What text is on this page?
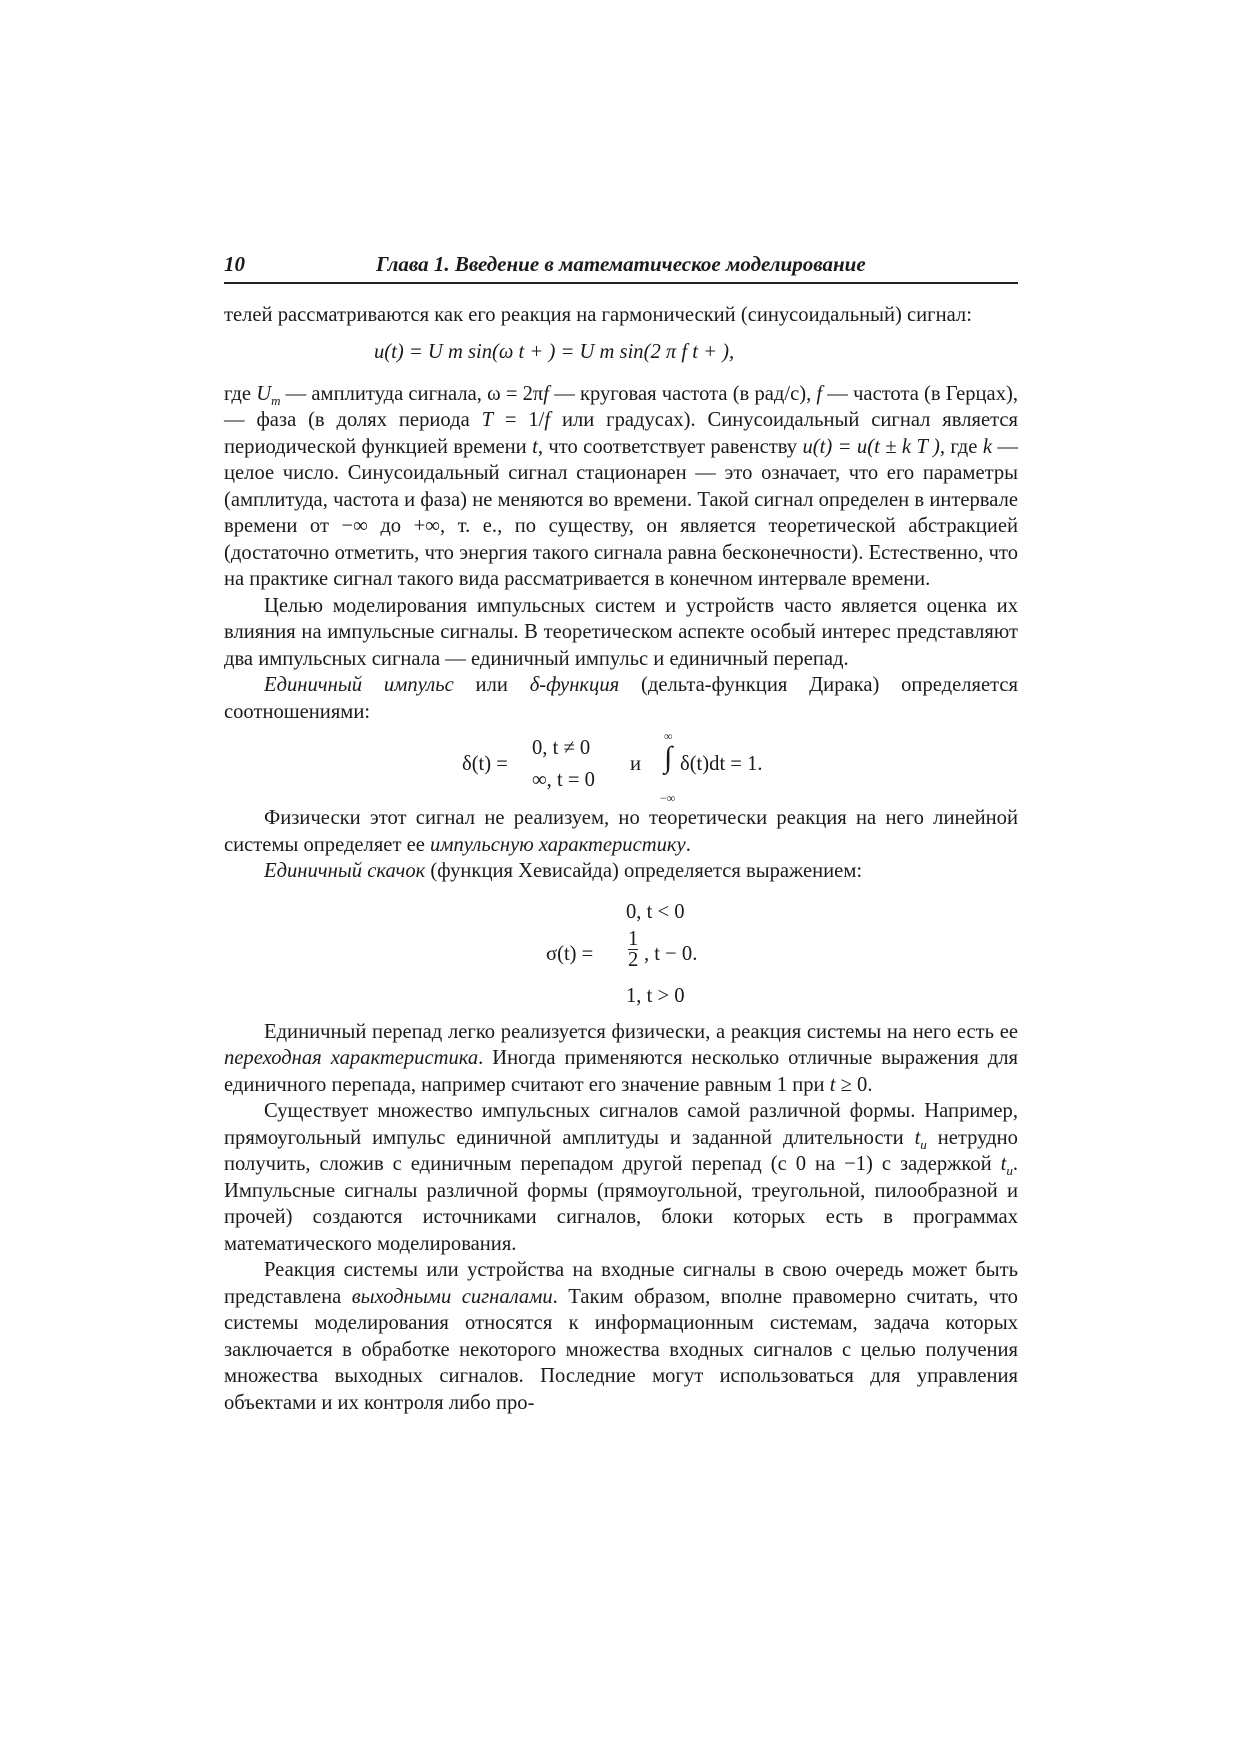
10	Глава 1. Введение в математическое моделирование

телей рассматриваются как его реакция на гармонический (синусоидальный) сигнал:

u(t) = U m sin(ω t + ) = U m sin(2 π f t + ),

где $U_m$ — амплитуда сигнала, ω = 2πf — круговая частота (в рад/с), f — частота (в Герцах), — фаза (в долях периода T = 1/f или градусах). Синусоидальный сигнал является периодической функцией времени t, что соответствует равенству u(t) = u(t ± k T ), где k — целое число. Синусоидальный сигнал стационарен — это означает, что его параметры (амплитуда, частота и фаза) не меняются во времени. Такой сигнал определен в интервале времени от −∞ до +∞, т. е., по существу, он является теоретической абстракцией (достаточно отметить, что энергия такого сигнала равна бесконечности). Естественно, что на практике сигнал такого вида рассматривается в конечном интервале времени.

Целью моделирования импульсных систем и устройств часто является оценка их влияния на импульсные сигналы. В теоретическом аспекте особый интерес представляют два импульсных сигнала — единичный импульс и единичный перепад.

Единичный импульс или δ-функция (дельта-функция Дирака) определяется соотношениями:

δ(t) =
0, t ≠ 0
∞, t = 0
и
∞
∫
−∞
δ(t)dt = 1.

Физически этот сигнал не реализуем, но теоретически реакция на него линейной системы определяет ее импульсную характеристику.

Единичный скачок (функция Хевисайда) определяется выражением:

0, t < 0
$\sigma(t) = \frac{1}{2}$ , t − 0.
1, t > 0

Единичный перепад легко реализуется физически, а реакция системы на него есть ее переходная характеристика. Иногда применяются несколько отличные выражения для единичного перепада, например считают его значение равным 1 при t ≥ 0.

Существует множество импульсных сигналов самой различной формы. Например, прямоугольный импульс единичной амплитуды и заданной длительности $t_u$ нетрудно получить, сложив с единичным перепадом другой перепад (с 0 на −1) с задержкой $t_u$. Импульсные сигналы различной формы (прямоугольной, треугольной, пилообразной и прочей) создаются источниками сигналов, блоки которых есть в программах математического моделирования.

Реакция системы или устройства на входные сигналы в свою очередь может быть представлена выходными сигналами. Таким образом, вполне правомерно считать, что системы моделирования относятся к информационным системам, задача которых заключается в обработке некоторого множества входных сигналов с целью получения множества выходных сигналов. Последние могут использоваться для управления объектами и их контроля либо про-
